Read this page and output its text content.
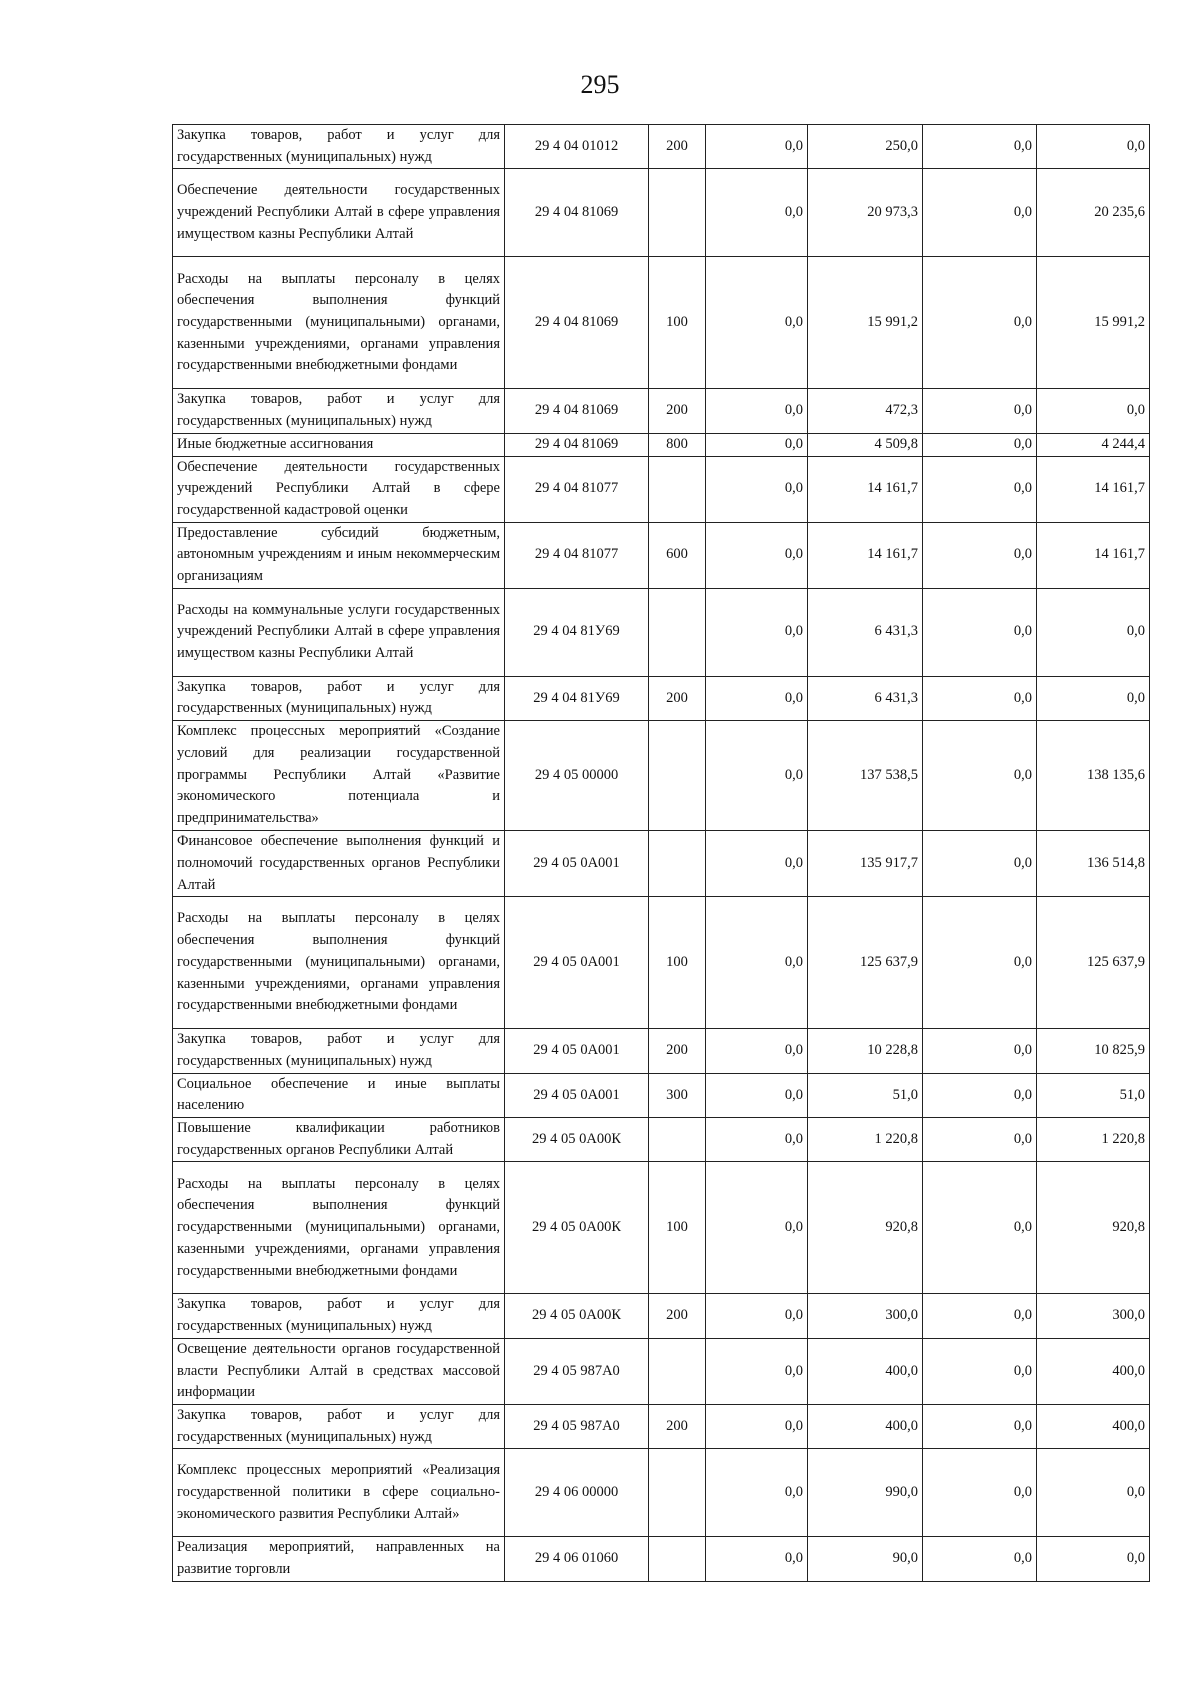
295
Закупка товаров, работ и услуг для государственных (муниципальных) нужд	29 4 04 01012	200	0,0	250,0	0,0	0,0
Обеспечение деятельности государственных учреждений Республики Алтай в сфере управления имуществом казны Республики Алтай	29 4 04 81069		0,0	20 973,3	0,0	20 235,6
Расходы на выплаты персоналу в целях обеспечения выполнения функций государственными (муниципальными) органами, казенными учреждениями, органами управления государственными внебюджетными фондами	29 4 04 81069	100	0,0	15 991,2	0,0	15 991,2
Закупка товаров, работ и услуг для государственных (муниципальных) нужд	29 4 04 81069	200	0,0	472,3	0,0	0,0
Иные бюджетные ассигнования	29 4 04 81069	800	0,0	4 509,8	0,0	4 244,4
Обеспечение деятельности государственных учреждений Республики Алтай в сфере государственной кадастровой оценки	29 4 04 81077		0,0	14 161,7	0,0	14 161,7
Предоставление субсидий бюджетным, автономным учреждениям и иным некоммерческим организациям	29 4 04 81077	600	0,0	14 161,7	0,0	14 161,7
Расходы на коммунальные услуги государственных учреждений Республики Алтай в сфере управления имуществом казны Республики Алтай	29 4 04 81У69		0,0	6 431,3	0,0	0,0
Закупка товаров, работ и услуг для государственных (муниципальных) нужд	29 4 04 81У69	200	0,0	6 431,3	0,0	0,0
Комплекс процессных мероприятий «Создание условий для реализации государственной программы Республики Алтай «Развитие экономического потенциала и предпринимательства»	29 4 05 00000		0,0	137 538,5	0,0	138 135,6
Финансовое обеспечение выполнения функций и полномочий государственных органов Республики Алтай	29 4 05 0А001		0,0	135 917,7	0,0	136 514,8
Расходы на выплаты персоналу в целях обеспечения выполнения функций государственными (муниципальными) органами, казенными учреждениями, органами управления государственными внебюджетными фондами	29 4 05 0А001	100	0,0	125 637,9	0,0	125 637,9
Закупка товаров, работ и услуг для государственных (муниципальных) нужд	29 4 05 0А001	200	0,0	10 228,8	0,0	10 825,9
Социальное обеспечение и иные выплаты населению	29 4 05 0А001	300	0,0	51,0	0,0	51,0
Повышение квалификации работников государственных органов Республики Алтай	29 4 05 0А00К		0,0	1 220,8	0,0	1 220,8
Расходы на выплаты персоналу в целях обеспечения выполнения функций государственными (муниципальными) органами, казенными учреждениями, органами управления государственными внебюджетными фондами	29 4 05 0А00К	100	0,0	920,8	0,0	920,8
Закупка товаров, работ и услуг для государственных (муниципальных) нужд	29 4 05 0А00К	200	0,0	300,0	0,0	300,0
Освещение деятельности органов государственной власти Республики Алтай в средствах массовой информации	29 4 05 987А0		0,0	400,0	0,0	400,0
Закупка товаров, работ и услуг для государственных (муниципальных) нужд	29 4 05 987А0	200	0,0	400,0	0,0	400,0
Комплекс процессных мероприятий «Реализация государственной политики в сфере социально-экономического развития Республики Алтай»	29 4 06 00000		0,0	990,0	0,0	0,0
Реализация мероприятий, направленных на развитие торговли	29 4 06 01060		0,0	90,0	0,0	0,0
